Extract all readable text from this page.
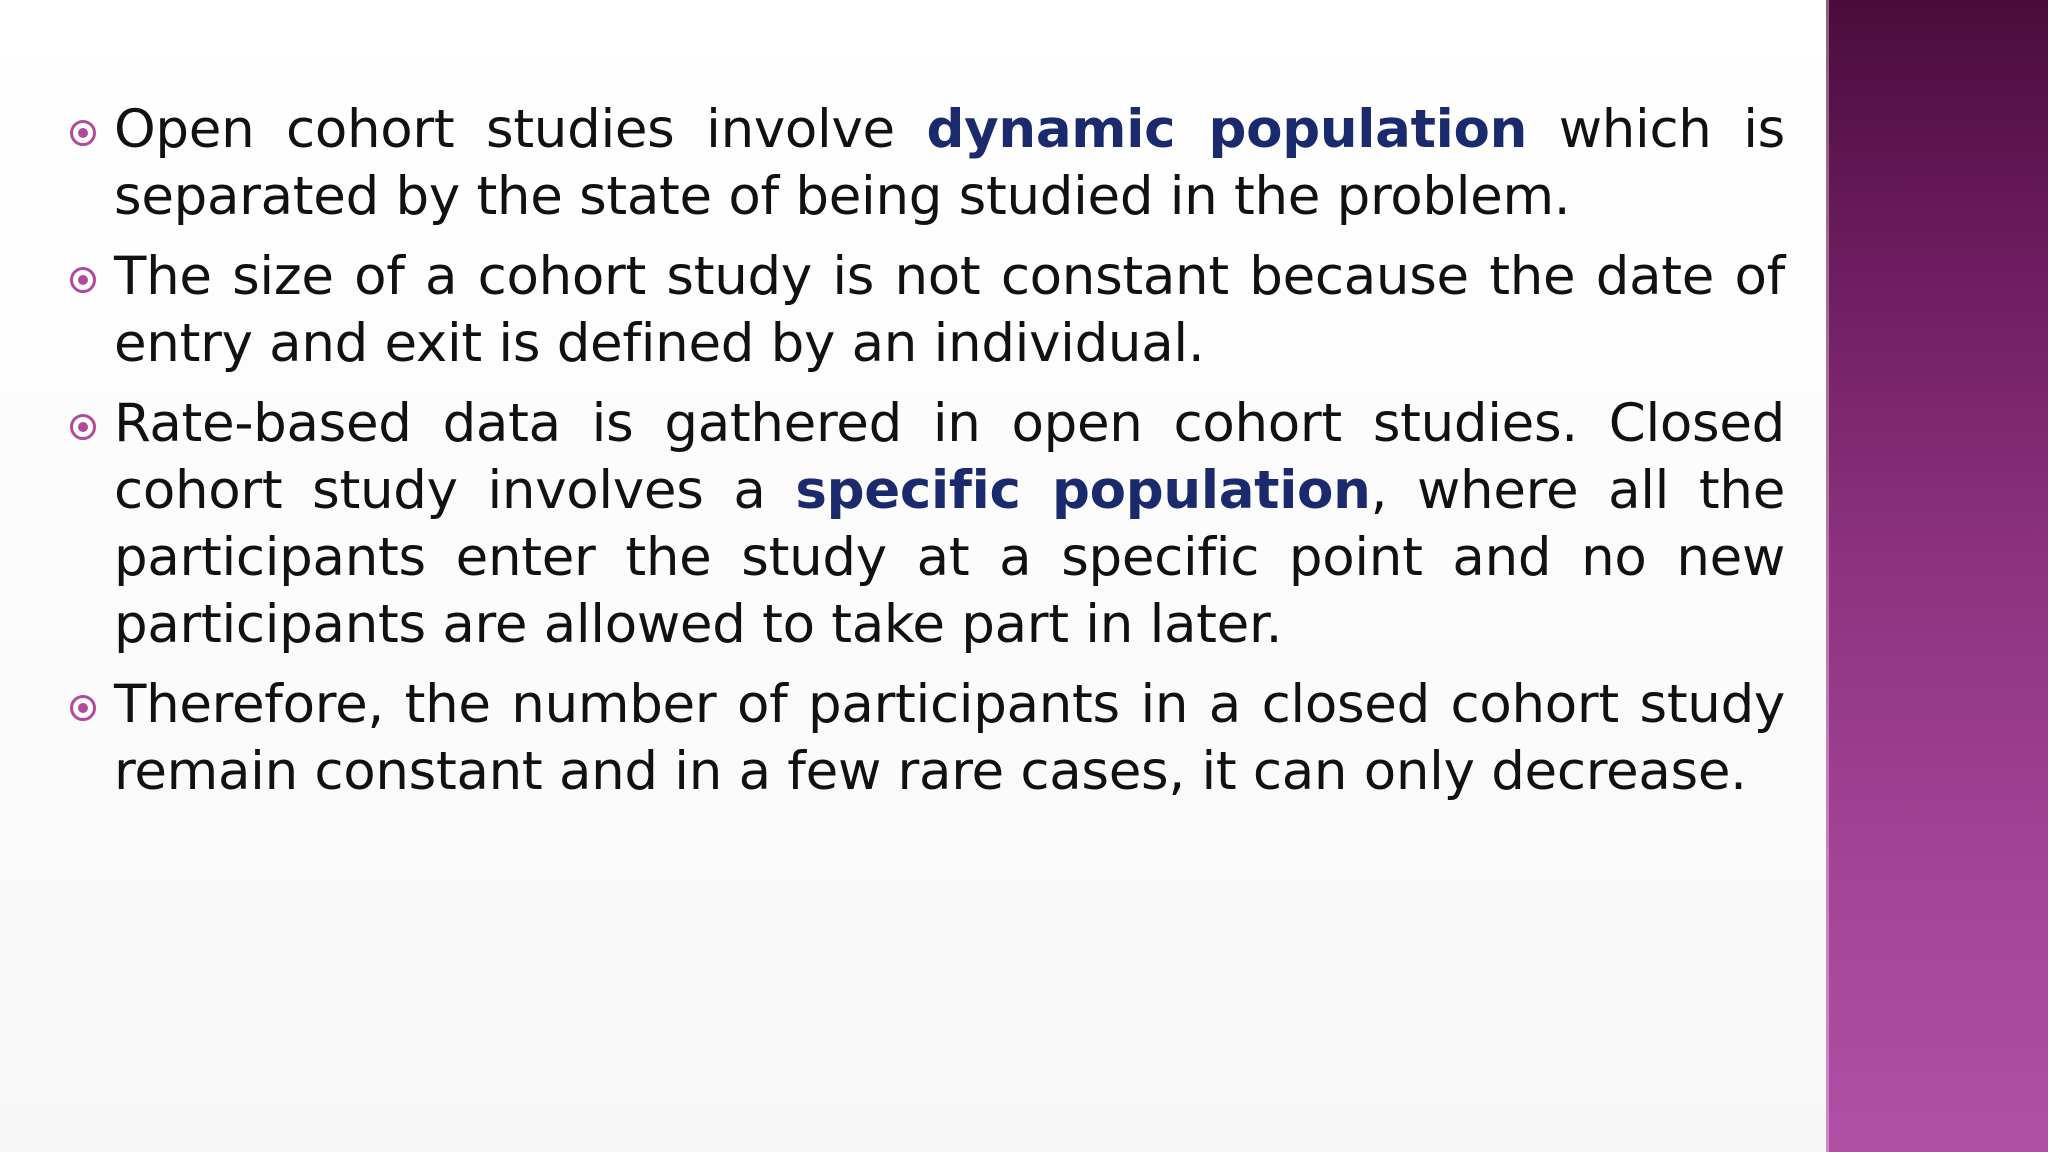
Open cohort studies involve dynamic population which is separated by the state of being studied in the problem.
The size of a cohort study is not constant because the date of entry and exit is defined by an individual.
Rate-based data is gathered in open cohort studies. Closed cohort study involves a specific population, where all the participants enter the study at a specific point and no new participants are allowed to take part in later.
Therefore, the number of participants in a closed cohort study remain constant and in a few rare cases, it can only decrease.
